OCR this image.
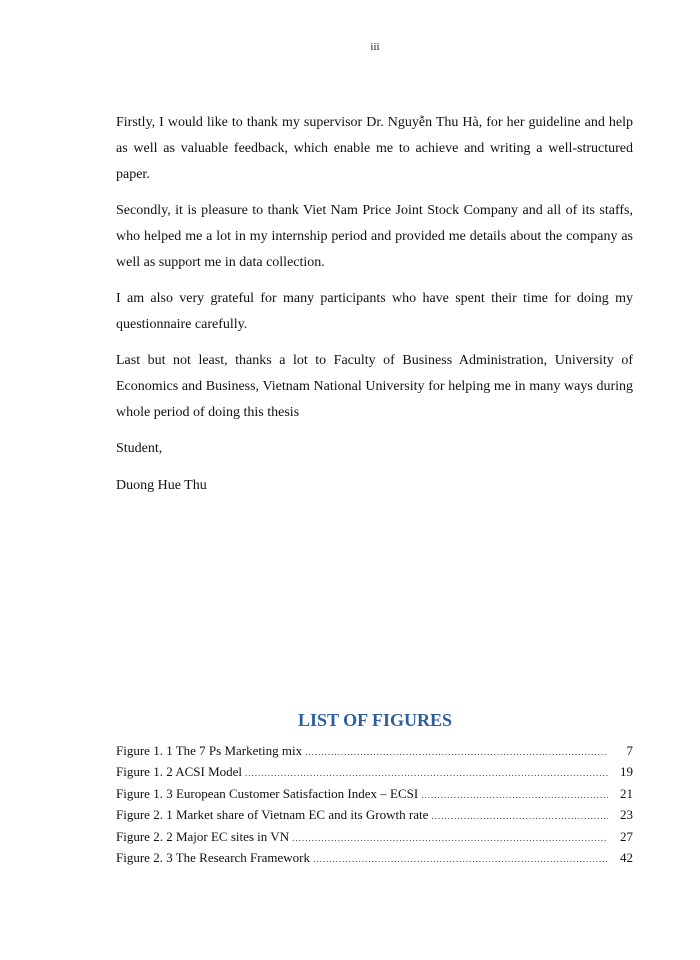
iii

Firstly, I would like to thank my supervisor Dr. Nguyễn Thu Hà, for her guideline and help as well as valuable feedback, which enable me to achieve and writing a well-structured paper.

Secondly, it is pleasure to thank Viet Nam Price Joint Stock Company and all of its staffs, who helped me a lot in my internship period and provided me details about the company as well as support me in data collection.

I am also very grateful for many participants who have spent their time for doing my questionnaire carefully.

Last but not least, thanks a lot to Faculty of Business Administration, University of Economics and Business, Vietnam National University for helping me in many ways during whole period of doing this thesis

Student,
Duong Hue Thu
LIST OF FIGURES
Figure 1. 1 The 7 Ps Marketing mix .....	7
Figure 1. 2 ACSI Model .....	19
Figure 1. 3 European Customer Satisfaction Index – ECSI .....	21
Figure 2. 1 Market share of Vietnam EC and its Growth rate .....	23
Figure 2. 2 Major EC sites in VN .....	27
Figure 2. 3 The Research Framework .....	42
